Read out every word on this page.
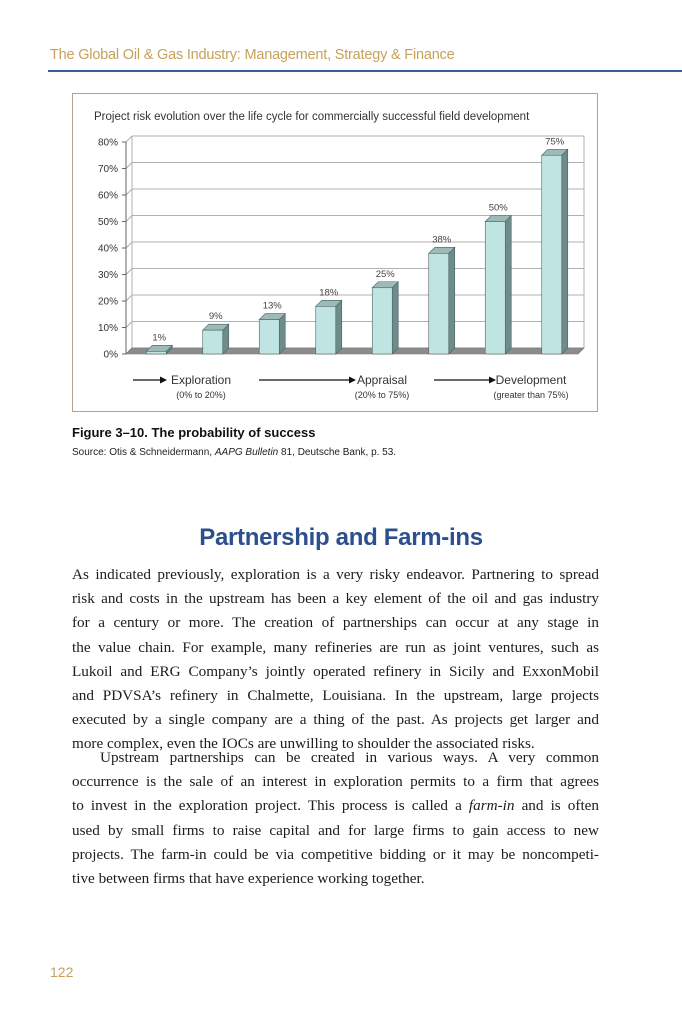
The Global Oil & Gas Industry: Management, Strategy & Finance
Project risk evolution over the life cycle for commercially successful field development
0%
10%
20%
30%
40%
50%
60%
70%
80%
1%
9%
13%
18%
25%
38%
50%
75%
Exploration
(0% to 20%)
Appraisal
(20% to 75%)
Development
(greater than 75%)
Figure 3–10. The probability of success
Source: Otis & Schneidermann, AAPG Bulletin 81, Deutsche Bank, p. 53.
Partnership and Farm-ins
As indicated previously, exploration is a very risky endeavor. Partnering to spread
risk and costs in the upstream has been a key element of the oil and gas industry
for a century or more. The creation of partnerships can occur at any stage in
the value chain. For example, many refineries are run as joint ventures, such as
Lukoil and ERG Company’s jointly operated refinery in Sicily and ExxonMobil
and PDVSA’s refinery in Chalmette, Louisiana. In the upstream, large projects
executed by a single company are a thing of the past. As projects get larger and
more complex, even the IOCs are unwilling to shoulder the associated risks.
Upstream partnerships can be created in various ways. A very common
occurrence is the sale of an interest in exploration permits to a firm that agrees
to invest in the exploration project. This process is called a farm-in and is often
used by small firms to raise capital and for large firms to gain access to new
projects. The farm-in could be via competitive bidding or it may be noncompeti-
tive between firms that have experience working together.
122
